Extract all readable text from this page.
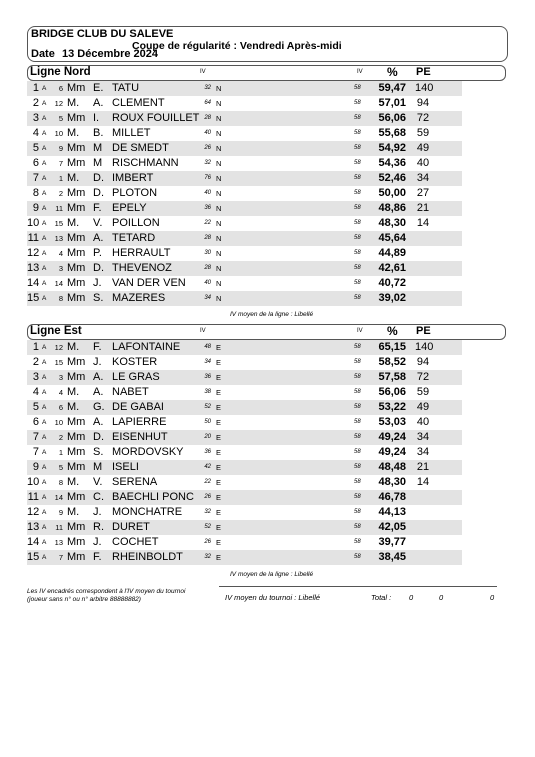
BRIDGE CLUB DU SALEVE
Coupe de régularité : Vendredi Après-midi
Date 13 Décembre 2024
Ligne Nord	IV	IV % PE
1 A	6 Mm E. TATU	32 N	58	59,47 140
2 A	12 M. A. CLEMENT	64 N	58	57,01 94
3 A	5 Mm I. ROUX FOUILLET 28 N	58	56,06 72
4 A	10 M. B. MILLET	40 N	58	55,68 59
5 A	9 Mm M DE SMEDT	26 N	58	54,92 49
6 A	7 Mm M RISCHMANN	32 N	58	54,36 40
7 A	1 M. D. IMBERT	76 N	58	52,46 34
8 A	2 Mm D. PLOTON	40 N	58	50,00 27
9 A	11 Mm F. EPELY	36 N	58	48,86 21
10 A	15 M. V. POILLON	22 N	58	48,30 14
11 A	13 Mm A. TETARD	28 N	58	45,64
12 A	4 Mm P. HERRAULT	30 N	58	44,89
13 A	3 Mm D. THEVENOZ	28 N	58	42,61
14 A	14 Mm J. VAN DER VEN	40 N	58	40,72
15 A	8 Mm S. MAZERES	34 N	58	39,02
IV moyen de la ligne : Libellé
Ligne Est	IV	IV % PE
1 A	12 M. F. LAFONTAINE	48 E	58	65,15 140
2 A	15 Mm J. KOSTER	34 E	58	58,52 94
3 A	3 Mm A. LE GRAS	36 E	58	57,58 72
4 A	4 M. A. NABET	38 E	58	56,06 59
5 A	6 M. G. DE GABAI	52 E	58	53,22 49
6 A	10 Mm A. LAPIERRE	50 E	58	53,03 40
7 A	2 Mm D. EISENHUT	20 E	58	49,24 34
7 A	1 Mm S. MORDOVSKY	36 E	58	49,24 34
9 A	5 Mm M ISELI	42 E	58	48,48 21
10 A	8 M. V. SERENA	22 E	58	48,30 14
11 A	14 Mm C. BAECHLI PONC	26 E	58	46,78
12 A	9 M. J. MONCHATRE	32 E	58	44,13
13 A	11 Mm R. DURET	52 E	58	42,05
14 A	13 Mm J. COCHET	26 E	58	39,77
15 A	7 Mm F. RHEINBOLDT	32 E	58	38,45
IV moyen de la ligne : Libellé
Les IV encadrés correspondent à l'IV moyen du tournoi (joueur sans n° ou n° arbitre 88888882)	IV moyen du tournoi : Libellé	Total : 0	0	0
